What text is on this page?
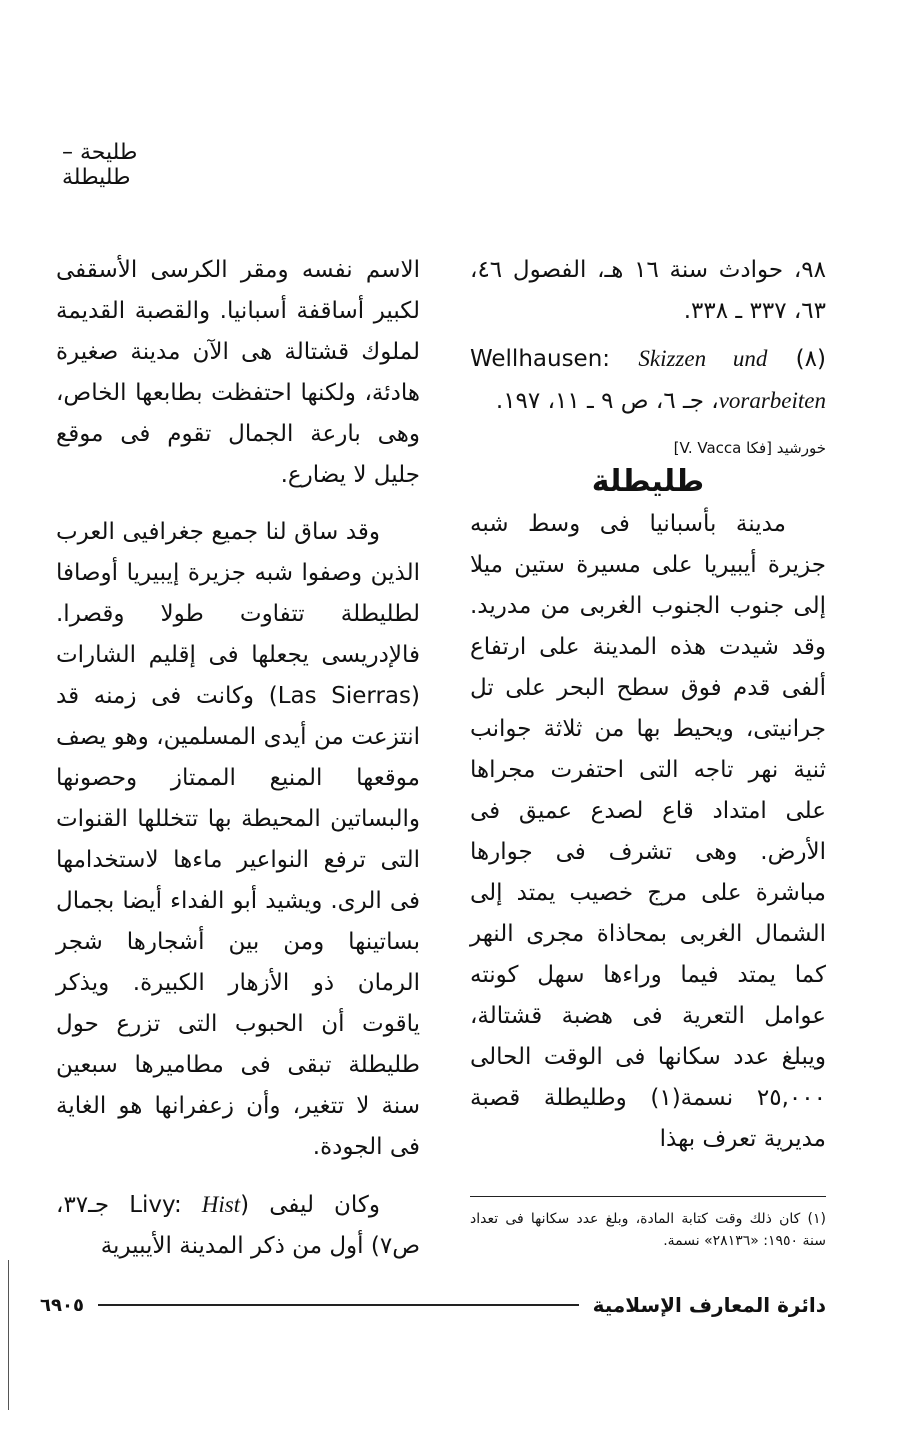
طليحة – طليطلة

٩٨، حوادث سنة ١٦ هـ، الفصول ٤٦، ٦٣، ٣٣٧ ـ ٣٣٨.

(٨) Wellhausen: Skizzen und vorarbeiten، جـ ٦، ص ٩ ـ ١١، ١٩٧.

خورشيد [فكا V. Vacca]

طليطلة

مدينة بأسبانيا فى وسط شبه جزيرة أيبيريا على مسيرة ستين ميلا إلى جنوب الجنوب الغربى من مدريد. وقد شيدت هذه المدينة على ارتفاع ألفى قدم فوق سطح البحر على تل جرانيتى، ويحيط بها من ثلاثة جوانب ثنية نهر تاجه التى احتفرت مجراها على امتداد قاع لصدع عميق فى الأرض. وهى تشرف فى جوارها مباشرة على مرج خصيب يمتد إلى الشمال الغربى بمحاذاة مجرى النهر كما يمتد فيما وراءها سهل كونته عوامل التعرية فى هضبة قشتالة، ويبلغ عدد سكانها فى الوقت الحالى ٢٥,٠٠٠ نسمة(١) وطليطلة قصبة مديرية تعرف بهذا

(١) كان ذلك وقت كتابة المادة، وبلغ عدد سكانها فى تعداد سنة ١٩٥٠: «٢٨١٣٦» نسمة.

الاسم نفسه ومقر الكرسى الأسقفى لكبير أساقفة أسبانيا. والقصبة القديمة لملوك قشتالة هى الآن مدينة صغيرة هادئة، ولكنها احتفظت بطابعها الخاص، وهى بارعة الجمال تقوم فى موقع جليل لا يضارع.

وقد ساق لنا جميع جغرافيى العرب الذين وصفوا شبه جزيرة إيبيريا أوصافا لطليطلة تتفاوت طولا وقصرا. فالإدريسى يجعلها فى إقليم الشارات (Las Sierras) وكانت فى زمنه قد انتزعت من أيدى المسلمين، وهو يصف موقعها المنيع الممتاز وحصونها والبساتين المحيطة بها تتخللها القنوات التى ترفع النواعير ماءها لاستخدامها فى الرى. ويشيد أبو الفداء أيضا بجمال بساتينها ومن بين أشجارها شجر الرمان ذو الأزهار الكبيرة. ويذكر ياقوت أن الحبوب التى تزرع حول طليطلة تبقى فى مطاميرها سبعين سنة لا تتغير، وأن زعفرانها هو الغاية فى الجودة.

وكان ليفى (Livy: Hist جـ٣٧، ص٧) أول من ذكر المدينة الأيبيرية

٦٩٠٥	دائرة المعارف الإسلامية
